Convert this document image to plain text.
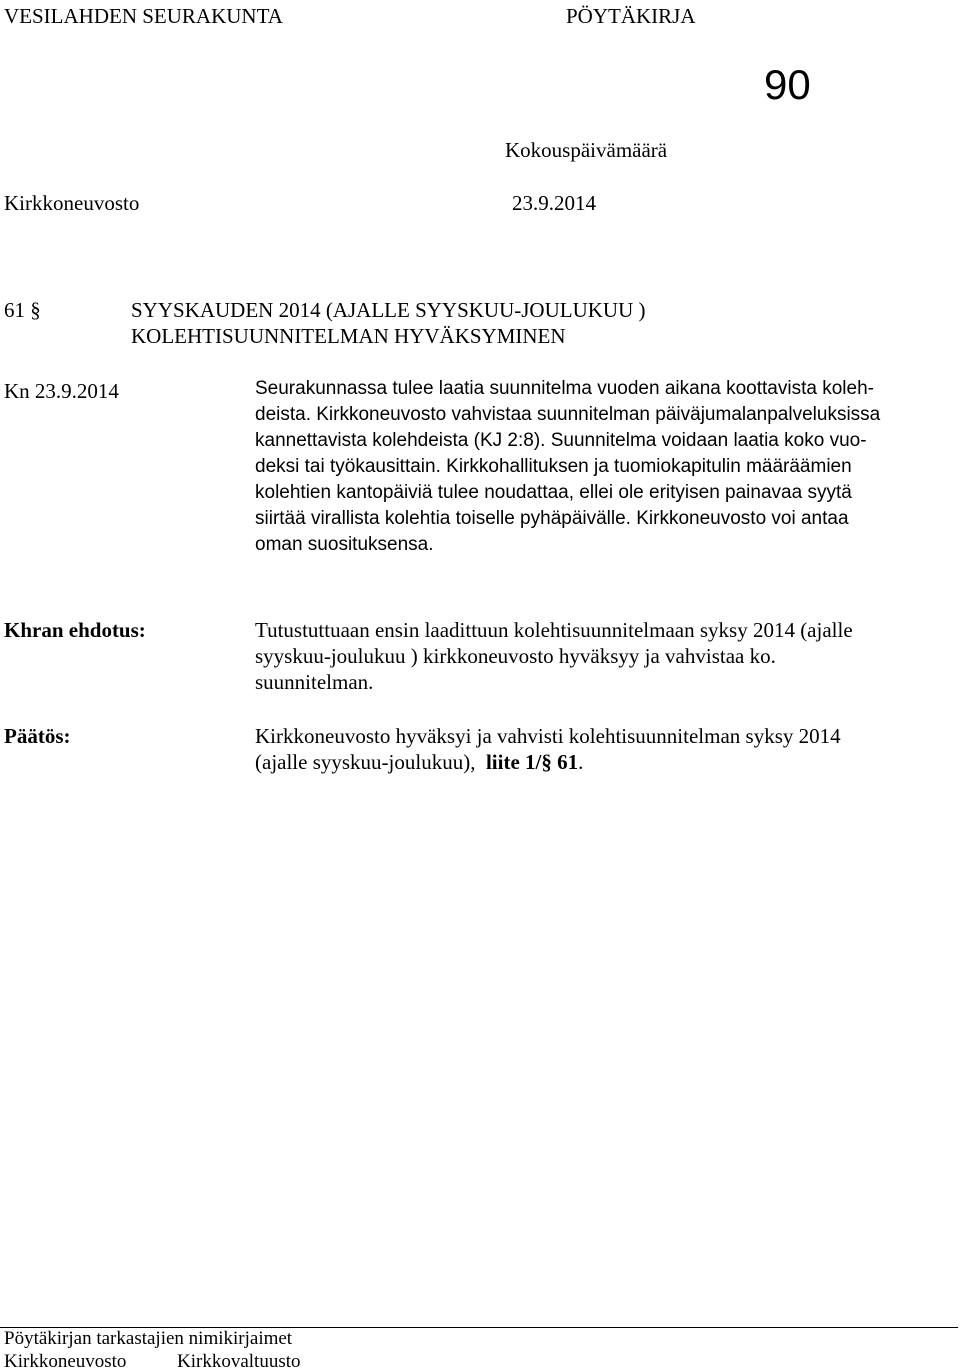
VESILAHDEN SEURAKUNTA	PÖYTÄKIRJA
90
Kokouspäivämäärä
Kirkkoneuvosto	23.9.2014
61 §	SYYSKAUDEN 2014 (AJALLE SYYSKUU-JOULUKUU )
KOLEHTISUUNNITELMAN HYVÄKSYMINEN
Kn 23.9.2014	Seurakunnassa tulee laatia suunnitelma vuoden aikana koottavista koleh-
deista. Kirkkoneuvosto vahvistaa suunnitelman päiväjumalanpalveluksissa
kannettavista kolehdeista (KJ 2:8). Suunnitelma voidaan laatia koko vuo-
deksi tai työkausittain. Kirkkohallituksen ja tuomiokapitulin määräämien
kolehtien kantopäiviä tulee noudattaa, ellei ole erityisen painavaa syytä
siirtää virallista kolehtia toiselle pyhäpäivälle. Kirkkoneuvosto voi antaa
oman suosituksensa.
Khran ehdotus:	Tutustuttuaan ensin laadittuun kolehtisuunnitelmaan syksy 2014 (ajalle
syyskuu-joulukuu ) kirkkoneuvosto hyväksyy ja vahvistaa ko.
suunnitelman.
Päätös:	Kirkkoneuvosto hyväksyi ja vahvisti kolehtisuunnitelman syksy 2014
(ajalle syyskuu-joulukuu),  liite 1/§ 61.
Pöytäkirjan tarkastajien nimikirjaimet
Kirkkoneuvosto	Kirkkovaltuusto
